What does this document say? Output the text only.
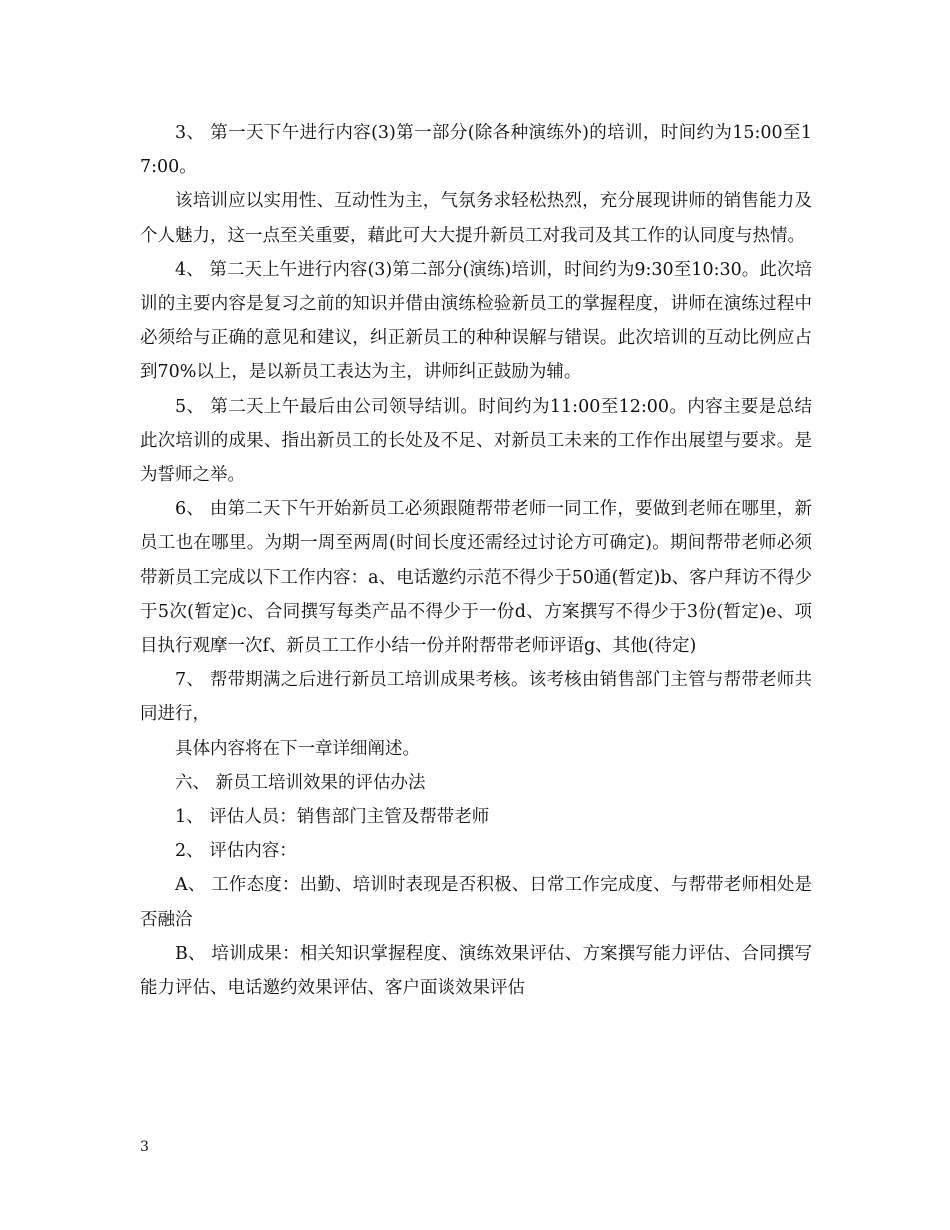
3、 第一天下午进行内容(3)第一部分(除各种演练外)的培训，时间约为15:00至17:00。

该培训应以实用性、互动性为主，气氛务求轻松热烈，充分展现讲师的销售能力及个人魅力，这一点至关重要，藉此可大大提升新员工对我司及其工作的认同度与热情。

4、 第二天上午进行内容(3)第二部分(演练)培训，时间约为9:30至10:30。此次培训的主要内容是复习之前的知识并借由演练检验新员工的掌握程度，讲师在演练过程中必须给与正确的意见和建议，纠正新员工的种种误解与错误。此次培训的互动比例应占到70%以上，是以新员工表达为主，讲师纠正鼓励为辅。

5、 第二天上午最后由公司领导结训。时间约为11:00至12:00。内容主要是总结此次培训的成果、指出新员工的长处及不足、对新员工未来的工作作出展望与要求。是为誓师之举。

6、 由第二天下午开始新员工必须跟随帮带老师一同工作，要做到老师在哪里，新员工也在哪里。为期一周至两周(时间长度还需经过讨论方可确定)。期间帮带老师必须带新员工完成以下工作内容：a、电话邀约示范不得少于50通(暂定)b、客户拜访不得少于5次(暂定)c、合同撰写每类产品不得少于一份d、方案撰写不得少于3份(暂定)e、项目执行观摩一次f、新员工工作小结一份并附帮带老师评语g、其他(待定)

7、 帮带期满之后进行新员工培训成果考核。该考核由销售部门主管与帮带老师共同进行，

具体内容将在下一章详细阐述。

六、 新员工培训效果的评估办法

1、 评估人员：销售部门主管及帮带老师

2、 评估内容：

A、 工作态度：出勤、培训时表现是否积极、日常工作完成度、与帮带老师相处是否融洽

B、 培训成果：相关知识掌握程度、演练效果评估、方案撰写能力评估、合同撰写能力评估、电话邀约效果评估、客户面谈效果评估

3
